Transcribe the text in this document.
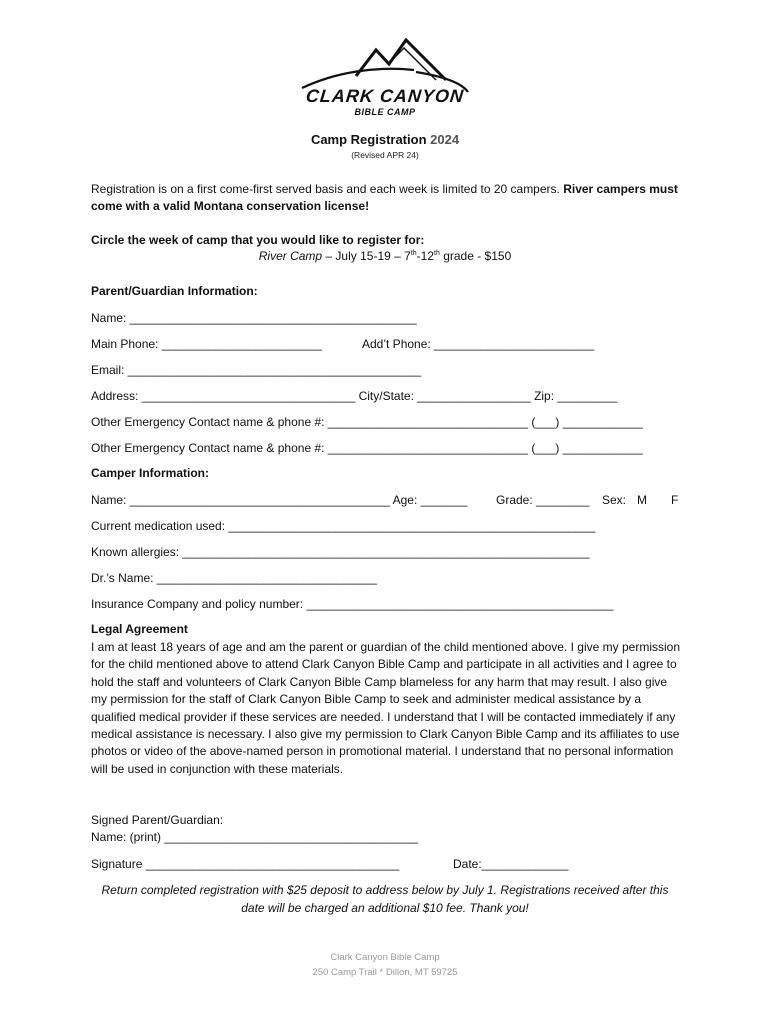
CLARK CANYON
BIBLE CAMP
Camp Registration 2024
(Revised APR 24)
Registration is on a first come-first served basis and each week is limited to 20 campers. River campers must come with a valid Montana conservation license!
Circle the week of camp that you would like to register for:
River Camp – July 15-19 – 7th-12th grade - $150
Parent/Guardian Information:
Name: ___________________________________________
Main Phone: ________________________	Add’t Phone: ________________________
Email: ____________________________________________
Address: ________________________________ City/State: _________________ Zip: _________
Other Emergency Contact name & phone #: ______________________________ (___) ____________
Other Emergency Contact name & phone #: ______________________________ (___) ____________
Camper Information:
Name: _______________________________________ Age: _______ Grade: ________ Sex: M F
Current medication used: _______________________________________________________
Known allergies: _____________________________________________________________
Dr.’s Name: _________________________________
Insurance Company and policy number: ______________________________________________
Legal Agreement
I am at least 18 years of age and am the parent or guardian of the child mentioned above. I give my permission for the child mentioned above to attend Clark Canyon Bible Camp and participate in all activities and I agree to hold the staff and volunteers of Clark Canyon Bible Camp blameless for any harm that may result. I also give my permission for the staff of Clark Canyon Bible Camp to seek and administer medical assistance by a qualified medical provider if these services are needed. I understand that I will be contacted immediately if any medical assistance is necessary. I also give my permission to Clark Canyon Bible Camp and its affiliates to use photos or video of the above-named person in promotional material. I understand that no personal information will be used in conjunction with these materials.
Signed Parent/Guardian:
Name: (print) ______________________________________
Signature ______________________________________	Date:_____________
Return completed registration with $25 deposit to address below by July 1. Registrations received after this date will be charged an additional $10 fee. Thank you!
Clark Canyon Bible Camp
250 Camp Trail * Dillon, MT 59725
